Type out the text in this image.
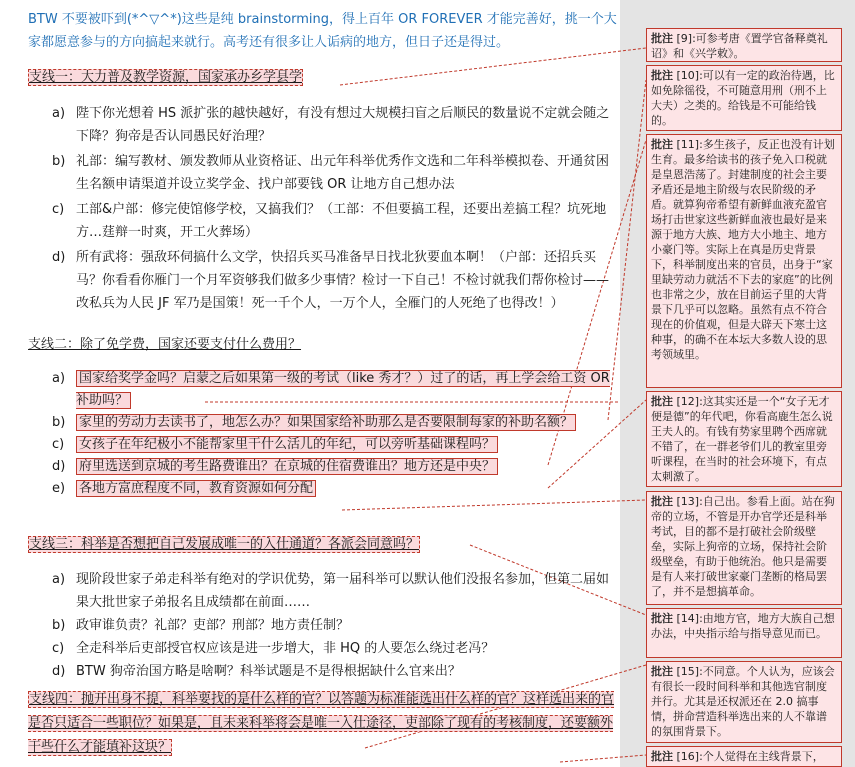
BTW 不要被吓到(*^▽^*)这些是纯 brainstorming，得上百年 OR FOREVER 才能完善好，挑一个大家都愿意参与的方向搞起来就行。高考还有很多让人诟病的地方，但日子还是得过。
支线一：大力普及教学资源，国家承办乡学县学
a) 陛下你光想着 HS 派扩张的越快越好，有没有想过大规模扫盲之后顺民的数量说不定就会随之下降？狗帝是否认同愚民好治理？
b) 礼部：编写教材、颁发教师从业资格证、出元年科举优秀作文选和二年科举模拟卷、开通贫困生名额申请渠道并设立奖学金、找户部要钱 OR 让地方自己想办法
c) 工部&户部：修完使馆修学校，又搞我们？（工部：不但要搞工程，还要出差搞工程？坑死地方…莛辩一时爽，开工火葬场）
d) 所有武将：强敌环伺搞什么文学，快招兵买马准备早日找北狄要血本啊！（户部：还招兵买马？你看看你雁门一个月军资够我们做多少事情？检讨一下自己！不检讨就我们帮你检讨——改私兵为人民 JF 军乃是国策！死一千个人，一万个人，全雁门的人死绝了也得改！）
支线二：除了免学费，国家还要支付什么费用？
a) 国家给奖学金吗？启蒙之后如果第一级的考试（like 秀才？）过了的话，再上学会给工资 OR 补助吗？
b) 家里的劳动力去读书了，地怎么办？如果国家给补助那么是否要限制每家的补助名额？
c) 女孩子在年纪极小不能帮家里干什么活儿的年纪，可以旁听基础课程吗？
d) 府里选送到京城的考生路费谁出？在京城的住宿费谁出？地方还是中央？
e) 各地方富庶程度不同，教育资源如何分配
支线三：科举是否想把自己发展成唯一的入仕通道？各派会同意吗？
a) 现阶段世家子弟走科举有绝对的学识优势，第一届科举可以默认他们没报名参加，但第二届如果大批世家子弟报名且成绩都在前面……
b) 政审谁负责？礼部？吏部？刑部？地方责任制？
c) 全走科举后吏部授官权应该是进一步增大，非 HQ 的人要怎么绕过老冯？
d) BTW 狗帝治国方略是啥啊？科举试题是不是得根据缺什么官来出？
支线四：抛开出身不提，科举要找的是什么样的官？以答题为标准能选出什么样的官？这样选出来的官是否只适合一些职位？如果是，且未来科举将会是唯一入仕途径，吏部除了现有的考核制度，还要额外干些什么才能填补这块？
批注 [9]:可参考唐《置学官备释奠礼诏》和《兴学敕》。
批注 [10]:可以有一定的政治待遇，比如免除徭役，不可随意用刑（刑不上大夫）之类的。给钱是不可能给钱的。
批注 [11]:多生孩子，反正也没有计划生育。最多给读书的孩子免入口税就是皇恩浩荡了。封建制度的社会主要矛盾还是地主阶级与农民阶级的矛盾。就算狗帝希望有新鲜血液充盈官场打击世家这些新鲜血液也最好是来源于地方大族、地方大小地主、地方小豪门等。实际上在真是历史背景下，科举制度出来的官员，出身于“家里缺劳动力就活不下去的家庭”的比例也非常之少，放在目前运子里的大背景下几乎可以忽略。虽然有点不符合现在的价值观，但是大辟天下寒士这种事，的确不在本坛大多数人设的思考领域里。
批注 [12]:这其实还是一个“女子无才便是德”的年代吧，你看高鹿生怎么说王夫人的。有钱有势家里聘个西席就不错了，在一群老爷们儿的教室里旁听课程，在当时的社会环境下，有点太刺激了。
批注 [13]:自己出。参看上面。站在狗帝的立场，不管是开办官学还是科举考试，目的都不是打破社会阶级壁垒，实际上狗帝的立场，保持社会阶级壁垒，有助于他统治。他只是需要是有人来打破世家豪门垄断的格局罢了，并不是想搞革命。
批注 [14]:由地方官，地方大族自己想办法，中央指示给与指导意见而已。
批注 [15]:不同意。个人认为，应该会有很长一段时间科举和其他选官制度并行。尤其是还权派还在 2.0 搞事情，拼命营造科举选出来的人不靠谱的氛围背景下。
批注 [16]:个人觉得在主线背景下，
